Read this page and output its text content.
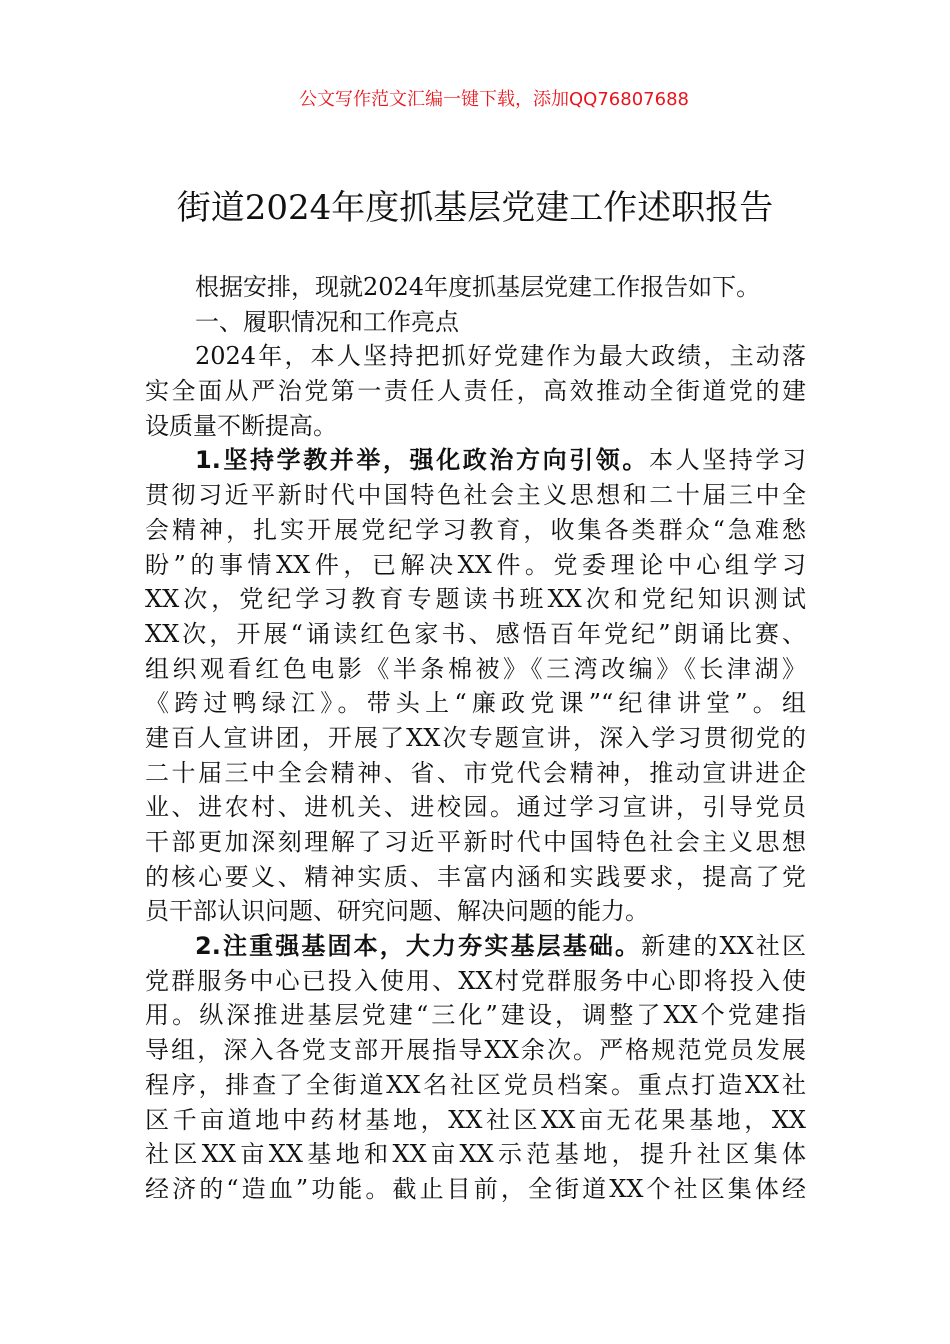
公文写作范文汇编一键下载，添加QQ76807688
街道2024年度抓基层党建工作述职报告
根据安排，现就2024年度抓基层党建工作报告如下。
一、履职情况和工作亮点
2024年，本人坚持把抓好党建作为最大政绩，主动落
实全面从严治党第一责任人责任，高效推动全街道党的建
设质量不断提高。
1.坚持学教并举，强化政治方向引领。本人坚持学习
贯彻习近平新时代中国特色社会主义思想和二十届三中全
会精神，扎实开展党纪学习教育，收集各类群众“急难愁
盼”的事情XX件，已解决XX件。党委理论中心组学习
XX次，党纪学习教育专题读书班XX次和党纪知识测试
XX次，开展“诵读红色家书、感悟百年党纪”朗诵比赛、
组织观看红色电影《半条棉被》《三湾改编》《长津湖》
《跨过鸭绿江》。带头上“廉政党课”“纪律讲堂”。组
建百人宣讲团，开展了XX次专题宣讲，深入学习贯彻党的
二十届三中全会精神、省、市党代会精神，推动宣讲进企
业、进农村、进机关、进校园。通过学习宣讲，引导党员
干部更加深刻理解了习近平新时代中国特色社会主义思想
的核心要义、精神实质、丰富内涵和实践要求，提高了党
员干部认识问题、研究问题、解决问题的能力。
2.注重强基固本，大力夯实基层基础。新建的XX社区
党群服务中心已投入使用、XX村党群服务中心即将投入使
用。纵深推进基层党建“三化”建设，调整了XX个党建指
导组，深入各党支部开展指导XX余次。严格规范党员发展
程序，排查了全街道XX名社区党员档案。重点打造XX社
区千亩道地中药材基地，XX社区XX亩无花果基地，XX
社区XX亩XX基地和XX亩XX示范基地，提升社区集体
经济的“造血”功能。截止目前，全街道XX个社区集体经
